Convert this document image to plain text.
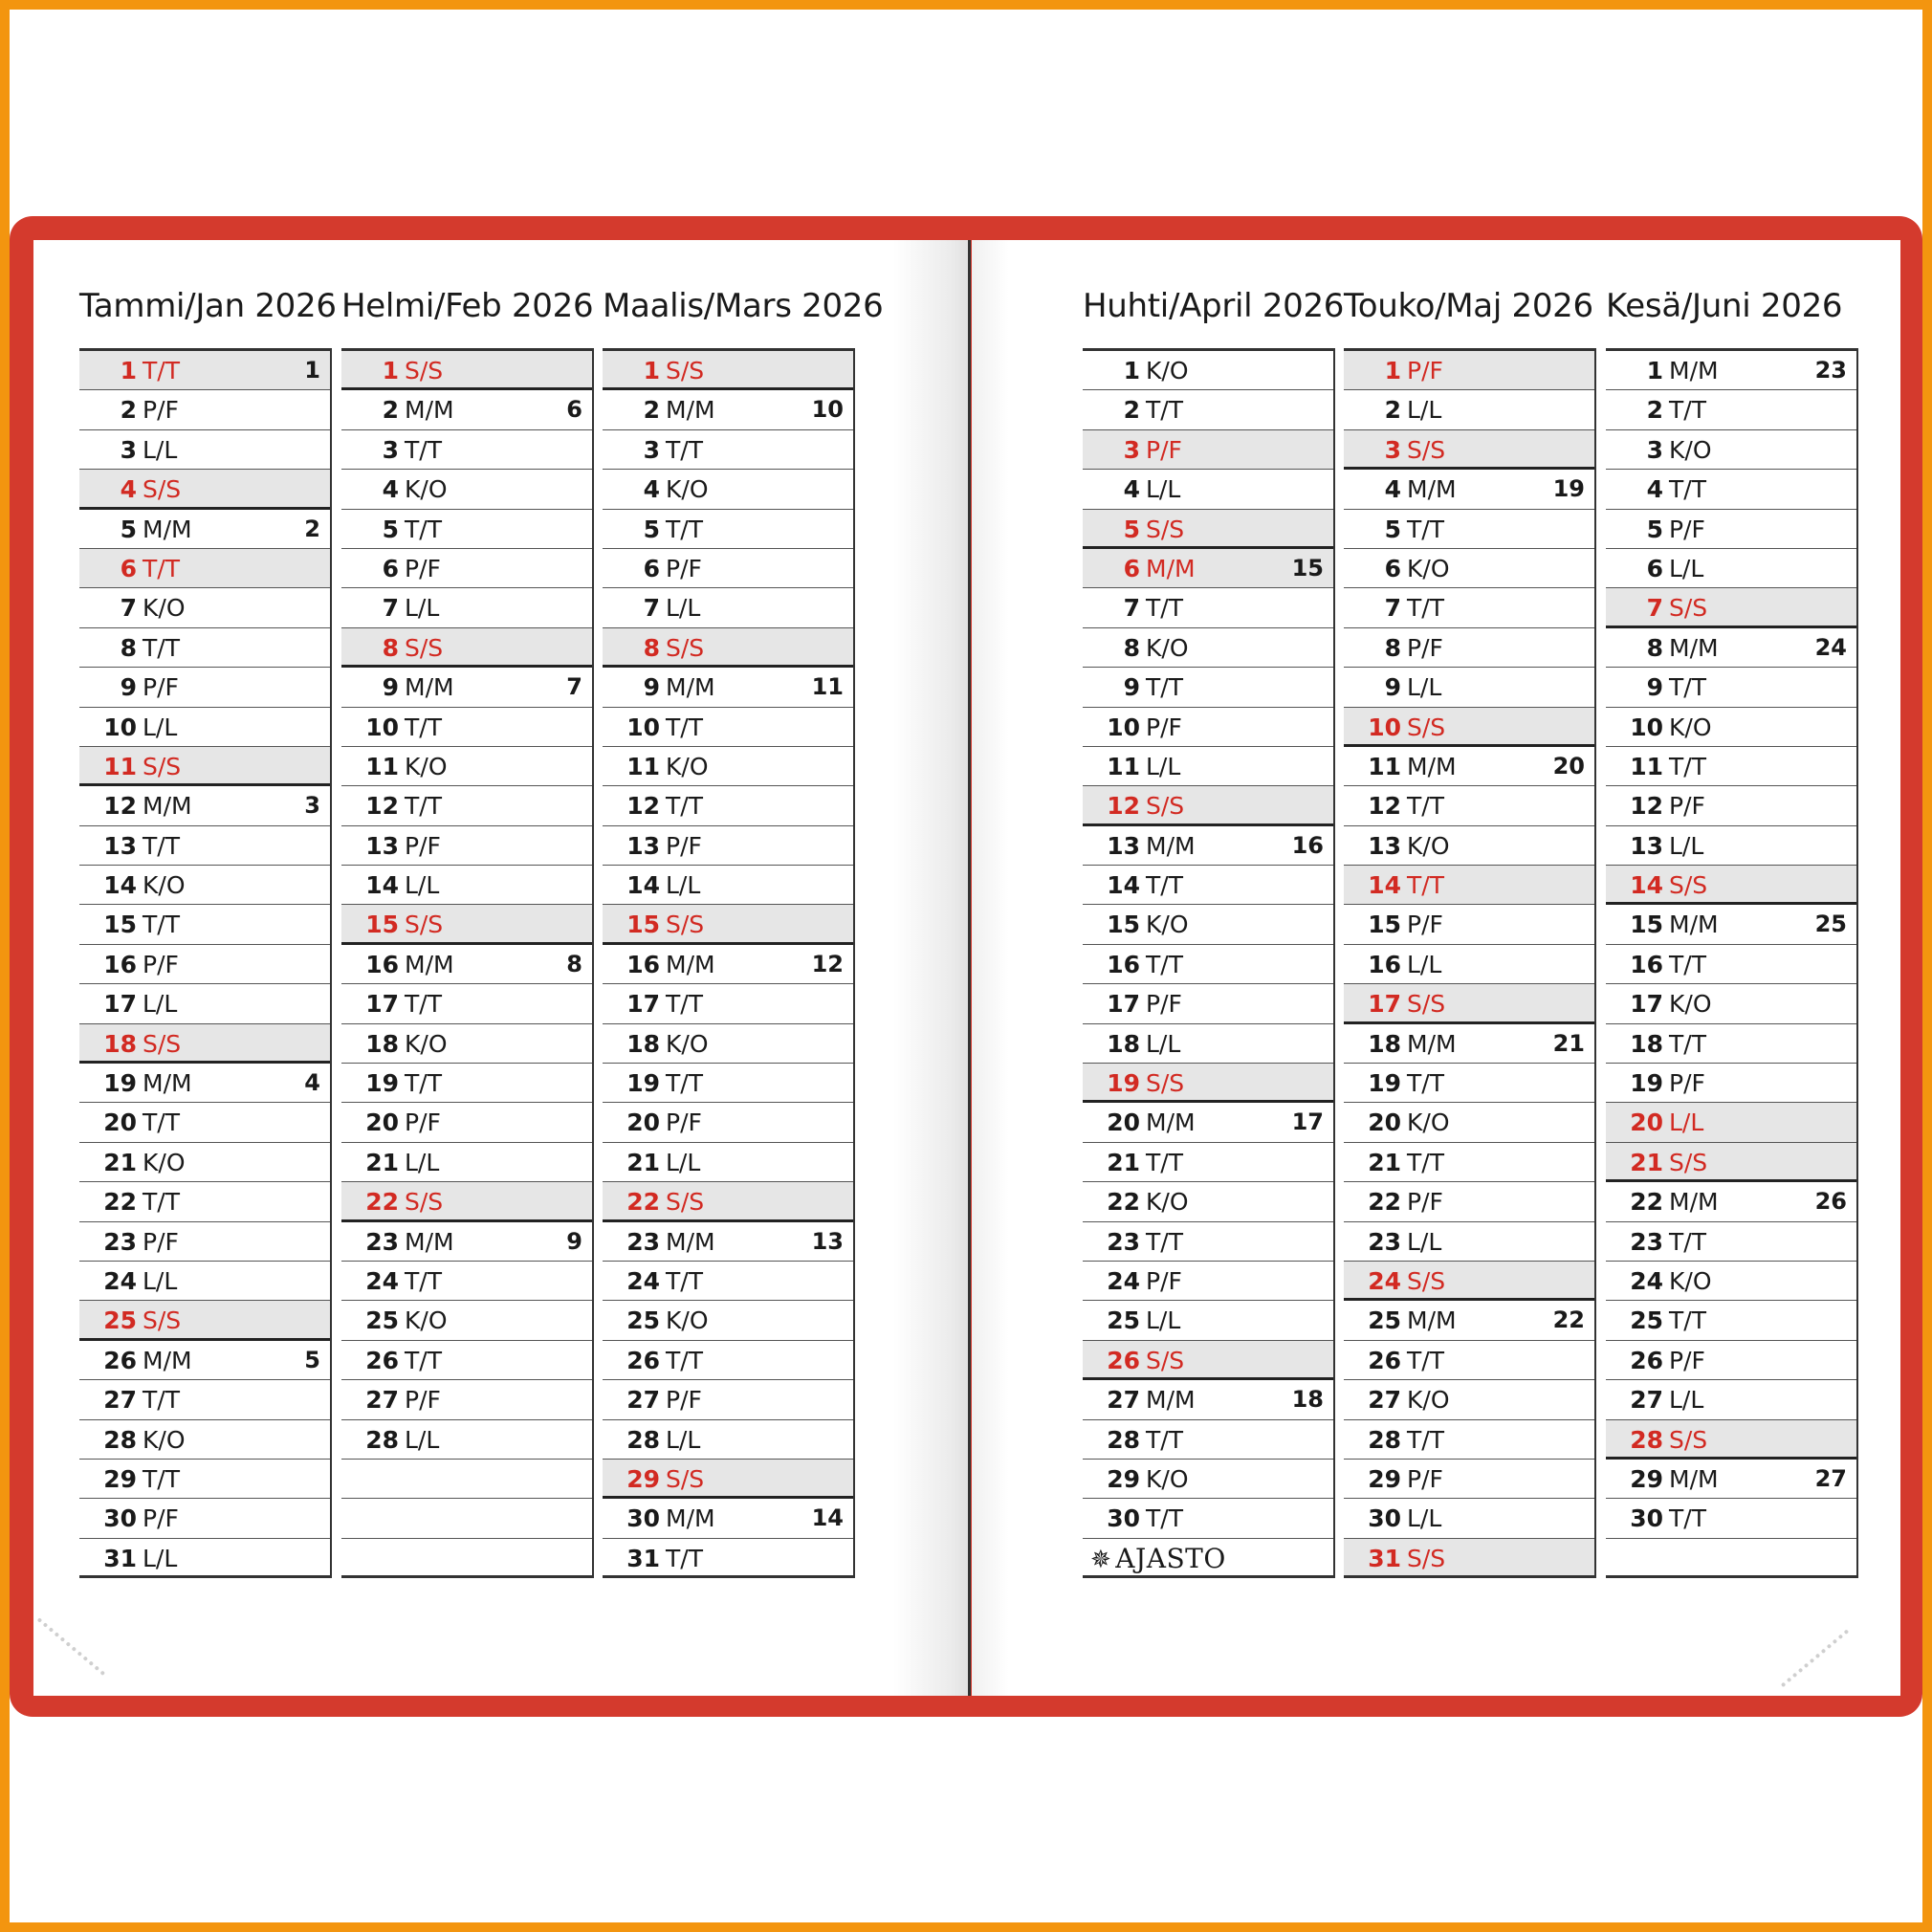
Tammi/Jan 2026
1 T/T	1
2 P/F
3 L/L
4 S/S
5 M/M	2
6 T/T
7 K/O
8 T/T
9 P/F
10 L/L
11 S/S
12 M/M	3
13 T/T
14 K/O
15 T/T
16 P/F
17 L/L
18 S/S
19 M/M	4
20 T/T
21 K/O
22 T/T
23 P/F
24 L/L
25 S/S
26 M/M	5
27 T/T
28 K/O
29 T/T
30 P/F
31 L/L
Helmi/Feb 2026
1 S/S
2 M/M	6
3 T/T
4 K/O
5 T/T
6 P/F
7 L/L
8 S/S
9 M/M	7
10 T/T
11 K/O
12 T/T
13 P/F
14 L/L
15 S/S
16 M/M	8
17 T/T
18 K/O
19 T/T
20 P/F
21 L/L
22 S/S
23 M/M	9
24 T/T
25 K/O
26 T/T
27 P/F
28 L/L
Maalis/Mars 2026
1 S/S
2 M/M	10
3 T/T
4 K/O
5 T/T
6 P/F
7 L/L
8 S/S
9 M/M	11
10 T/T
11 K/O
12 T/T
13 P/F
14 L/L
15 S/S
16 M/M	12
17 T/T
18 K/O
19 T/T
20 P/F
21 L/L
22 S/S
23 M/M	13
24 T/T
25 K/O
26 T/T
27 P/F
28 L/L
29 S/S
30 M/M	14
31 T/T
Huhti/April 2026
1 K/O
2 T/T
3 P/F
4 L/L
5 S/S
6 M/M	15
7 T/T
8 K/O
9 T/T
10 P/F
11 L/L
12 S/S
13 M/M	16
14 T/T
15 K/O
16 T/T
17 P/F
18 L/L
19 S/S
20 M/M	17
21 T/T
22 K/O
23 T/T
24 P/F
25 L/L
26 S/S
27 M/M	18
28 T/T
29 K/O
30 T/T
✵ AJASTO
Touko/Maj 2026
1 P/F
2 L/L
3 S/S
4 M/M	19
5 T/T
6 K/O
7 T/T
8 P/F
9 L/L
10 S/S
11 M/M	20
12 T/T
13 K/O
14 T/T
15 P/F
16 L/L
17 S/S
18 M/M	21
19 T/T
20 K/O
21 T/T
22 P/F
23 L/L
24 S/S
25 M/M	22
26 T/T
27 K/O
28 T/T
29 P/F
30 L/L
31 S/S
Kesä/Juni 2026
1 M/M	23
2 T/T
3 K/O
4 T/T
5 P/F
6 L/L
7 S/S
8 M/M	24
9 T/T
10 K/O
11 T/T
12 P/F
13 L/L
14 S/S
15 M/M	25
16 T/T
17 K/O
18 T/T
19 P/F
20 L/L
21 S/S
22 M/M	26
23 T/T
24 K/O
25 T/T
26 P/F
27 L/L
28 S/S
29 M/M	27
30 T/T
